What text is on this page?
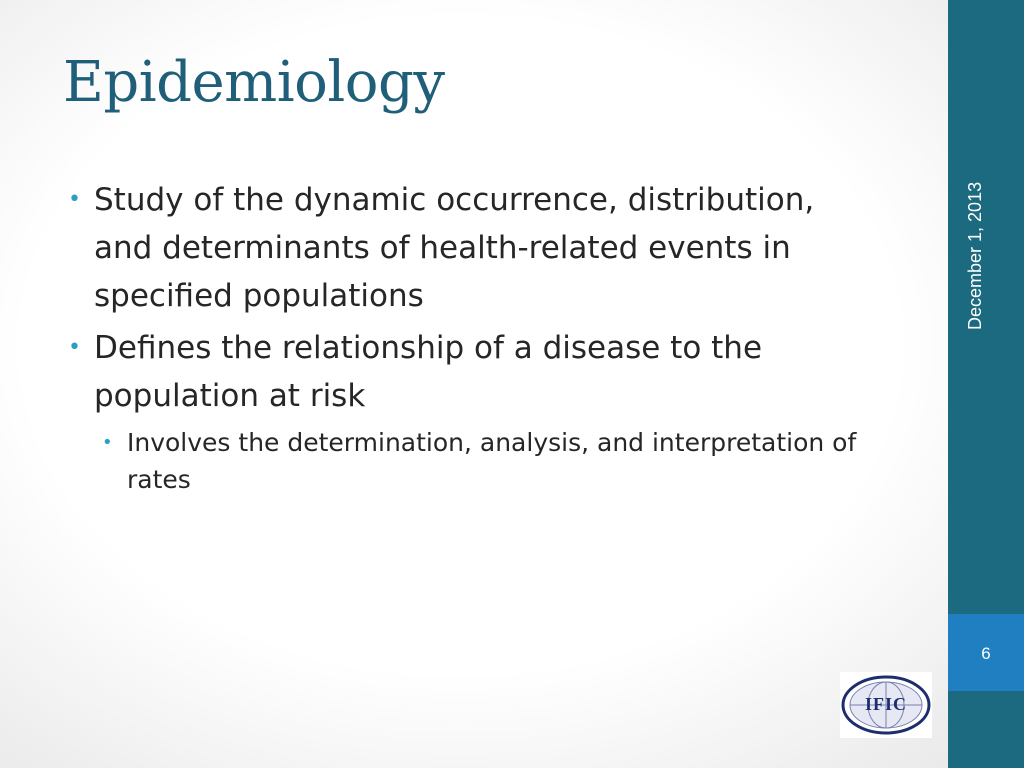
Epidemiology
• Study of the dynamic occurrence, distribution, and determinants of health-related events in specified populations
• Defines the relationship of a disease to the population at risk
• Involves the determination, analysis, and interpretation of rates
December 1, 2013
6
IFIC
